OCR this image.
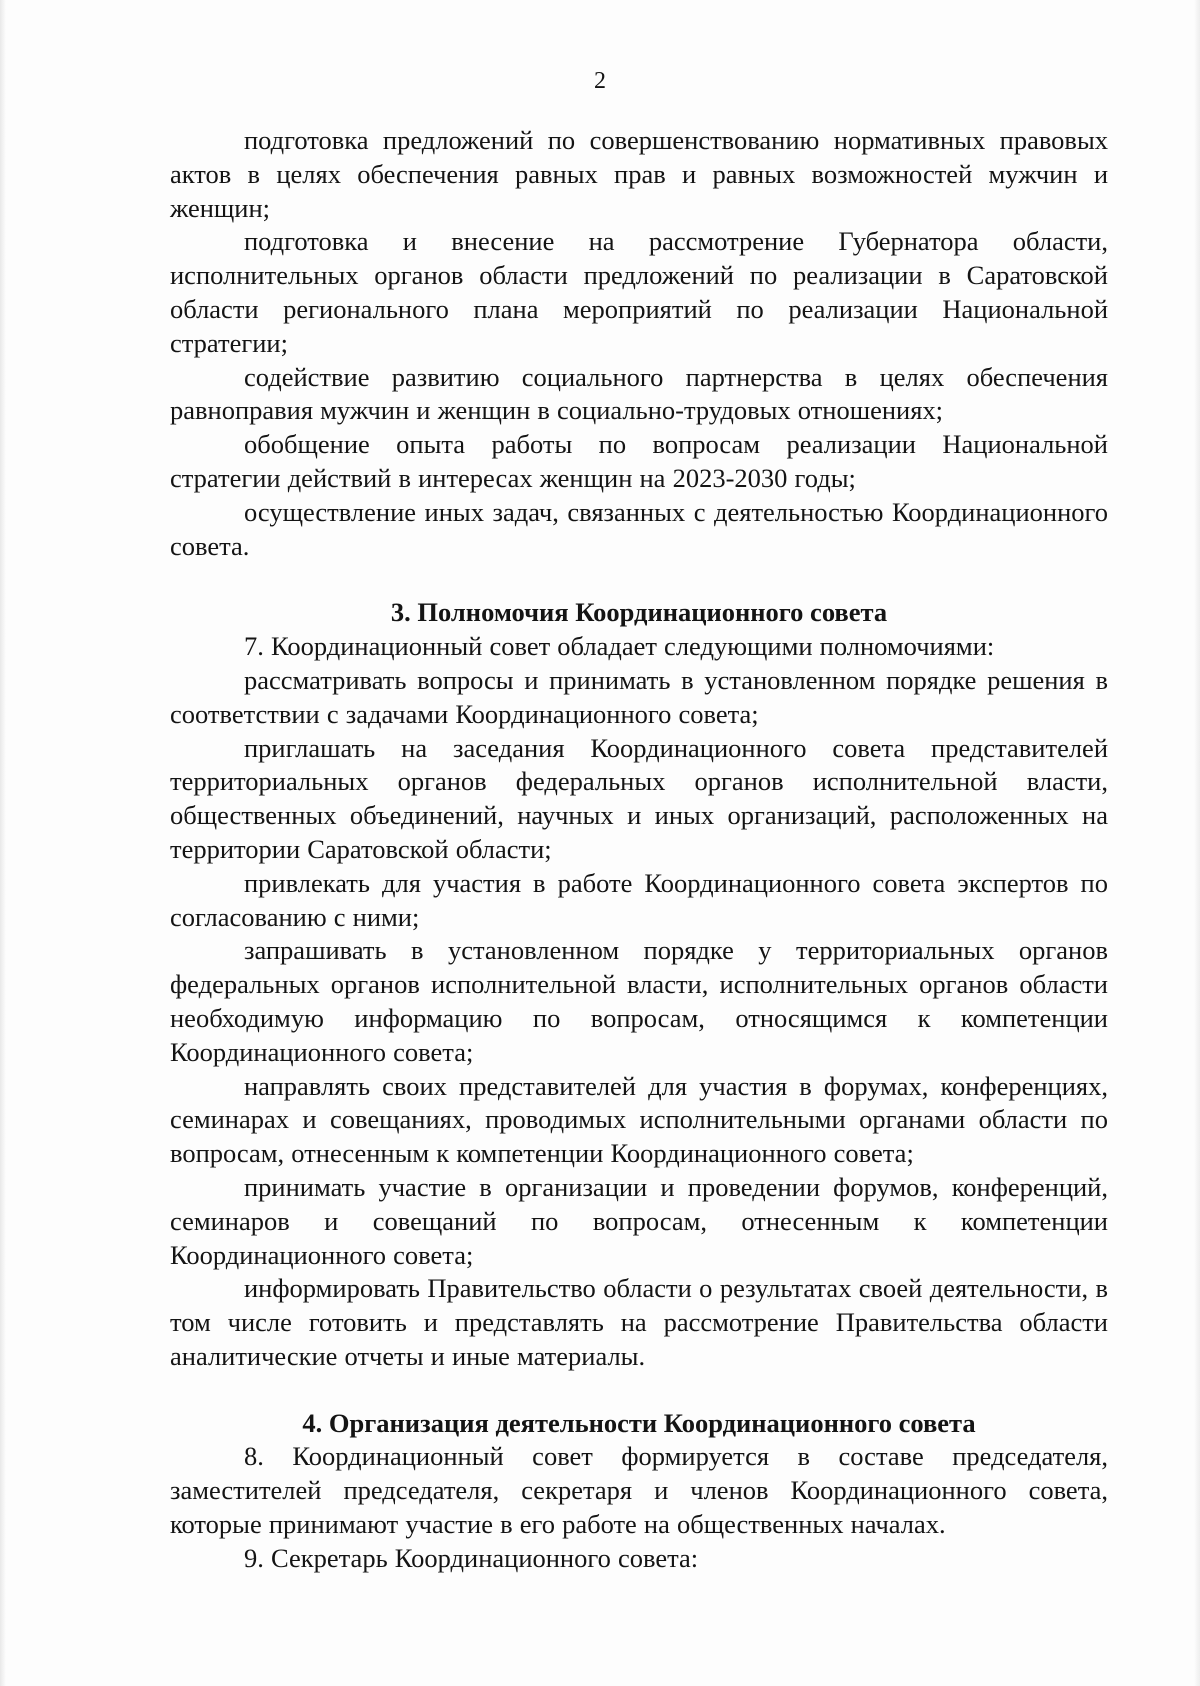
2

подготовка предложений по совершенствованию нормативных правовых актов в целях обеспечения равных прав и равных возможностей мужчин и женщин;

подготовка и внесение на рассмотрение Губернатора области, исполнительных органов области предложений по реализации в Саратовской области регионального плана мероприятий по реализации Национальной стратегии;

содействие развитию социального партнерства в целях обеспечения равноправия мужчин и женщин в социально-трудовых отношениях;

обобщение опыта работы по вопросам реализации Национальной стратегии действий в интересах женщин на 2023-2030 годы;

осуществление иных задач, связанных с деятельностью Координационного совета.

3. Полномочия Координационного совета

7. Координационный совет обладает следующими полномочиями:

рассматривать вопросы и принимать в установленном порядке решения в соответствии с задачами Координационного совета;

приглашать на заседания Координационного совета представителей территориальных органов федеральных органов исполнительной власти, общественных объединений, научных и иных организаций, расположенных на территории Саратовской области;

привлекать для участия в работе Координационного совета экспертов по согласованию с ними;

запрашивать в установленном порядке у территориальных органов федеральных органов исполнительной власти, исполнительных органов области необходимую информацию по вопросам, относящимся к компетенции Координационного совета;

направлять своих представителей для участия в форумах, конференциях, семинарах и совещаниях, проводимых исполнительными органами области по вопросам, отнесенным к компетенции Координационного совета;

принимать участие в организации и проведении форумов, конференций, семинаров и совещаний по вопросам, отнесенным к компетенции Координационного совета;

информировать Правительство области о результатах своей деятельности, в том числе готовить и представлять на рассмотрение Правительства области аналитические отчеты и иные материалы.

4. Организация деятельности Координационного совета

8. Координационный совет формируется в составе председателя, заместителей председателя, секретаря и членов Координационного совета, которые принимают участие в его работе на общественных началах.

9. Секретарь Координационного совета:
